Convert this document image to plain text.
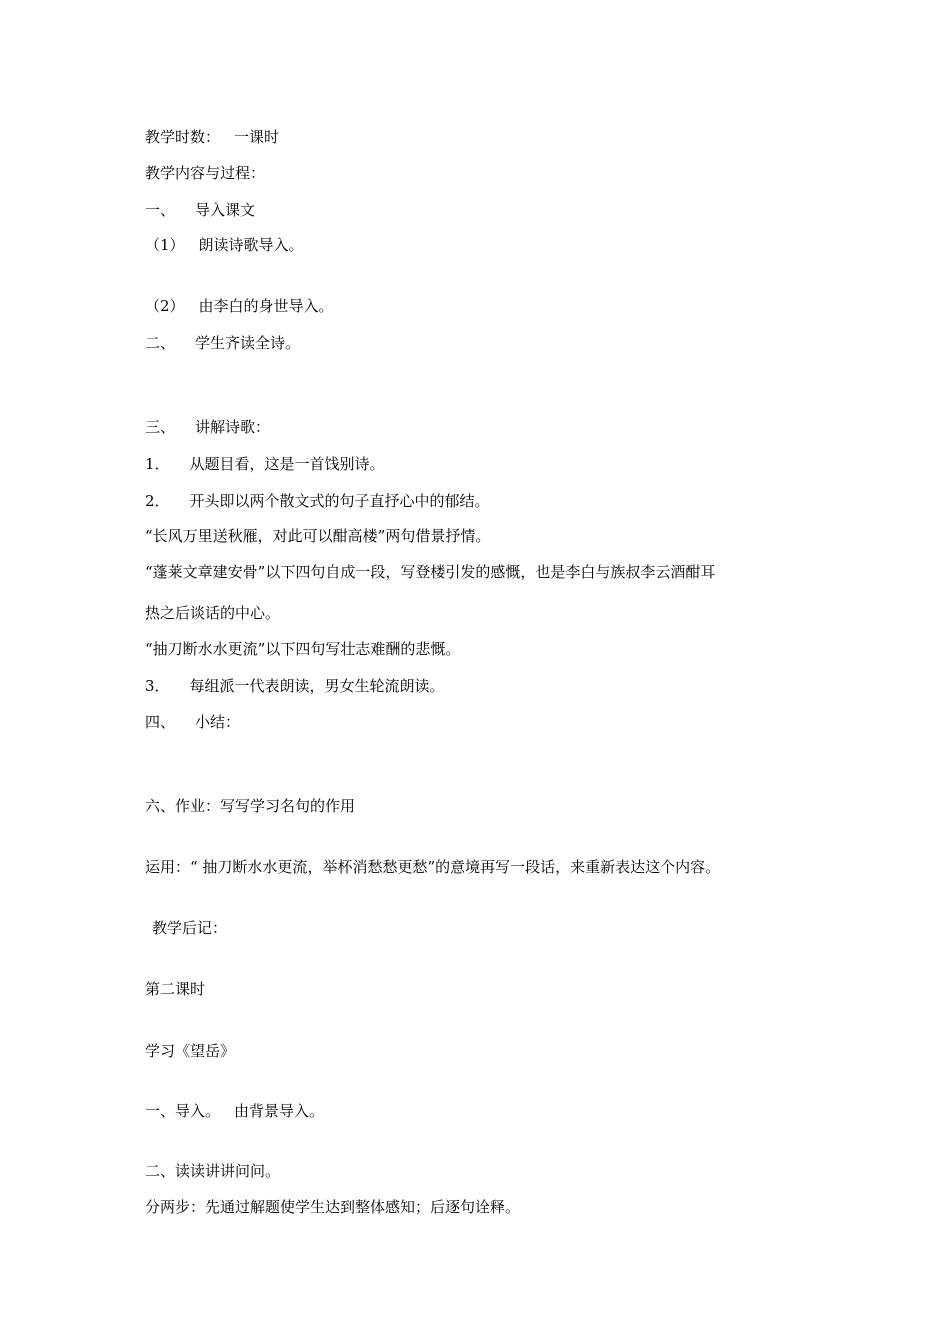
教学时数： 一课时
教学内容与过程：
一、 导入课文
（1） 朗读诗歌导入。
（2） 由李白的身世导入。
二、 学生齐读全诗。
三、 讲解诗歌：
1． 从题目看，这是一首饯别诗。
2． 开头即以两个散文式的句子直抒心中的郁结。
“长风万里送秋雁，对此可以酣高楼”两句借景抒情。
“蓬莱文章建安骨”以下四句自成一段，写登楼引发的感慨，也是李白与族叔李云酒酣耳
热之后谈话的中心。
“抽刀断水水更流”以下四句写壮志难酬的悲慨。
3． 每组派一代表朗读，男女生轮流朗读。
四、 小结：
六、作业：写写学习名句的作用
运用：“ 抽刀断水水更流，举杯消愁愁更愁”的意境再写一段话，来重新表达这个内容。
教学后记：
第二课时
学习《望岳》
一、导入。 由背景导入。
二、读读讲讲问问。
分两步：先通过解题使学生达到整体感知；后逐句诠释。
